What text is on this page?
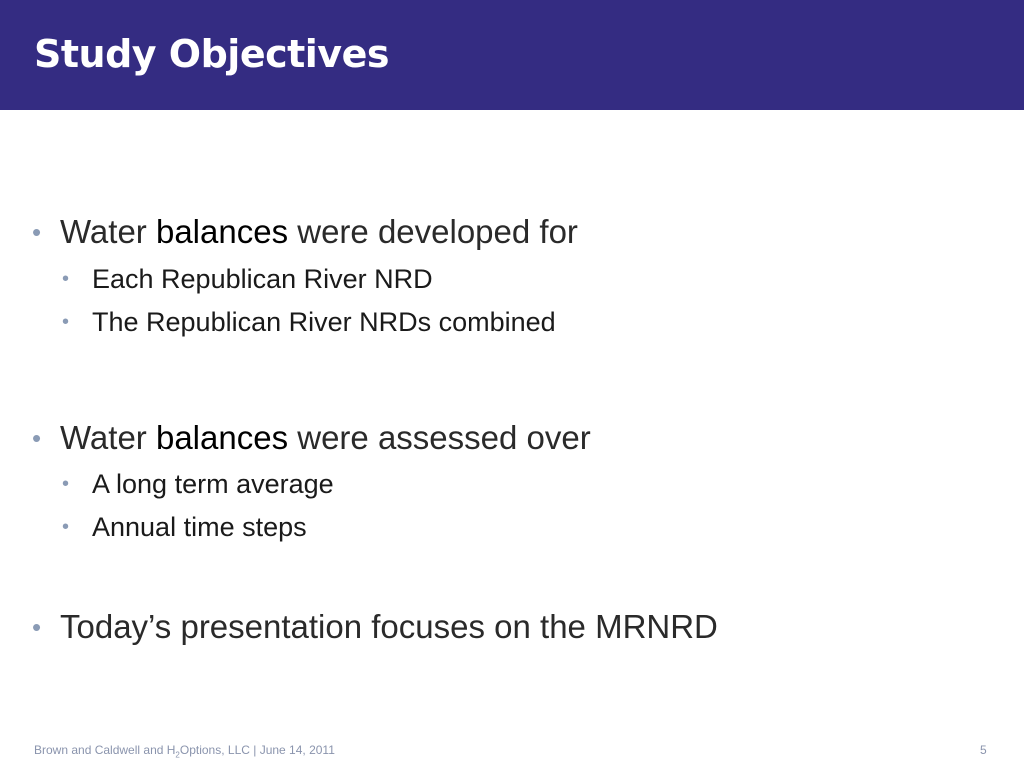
Study Objectives
• Water balances were developed for
• Each Republican River NRD
• The Republican River NRDs combined
• Water balances were assessed over
• A long term average
• Annual time steps
• Today’s presentation focuses on the MRNRD
Brown and Caldwell and $H_2Options$, LLC | June 14, 2011	5
